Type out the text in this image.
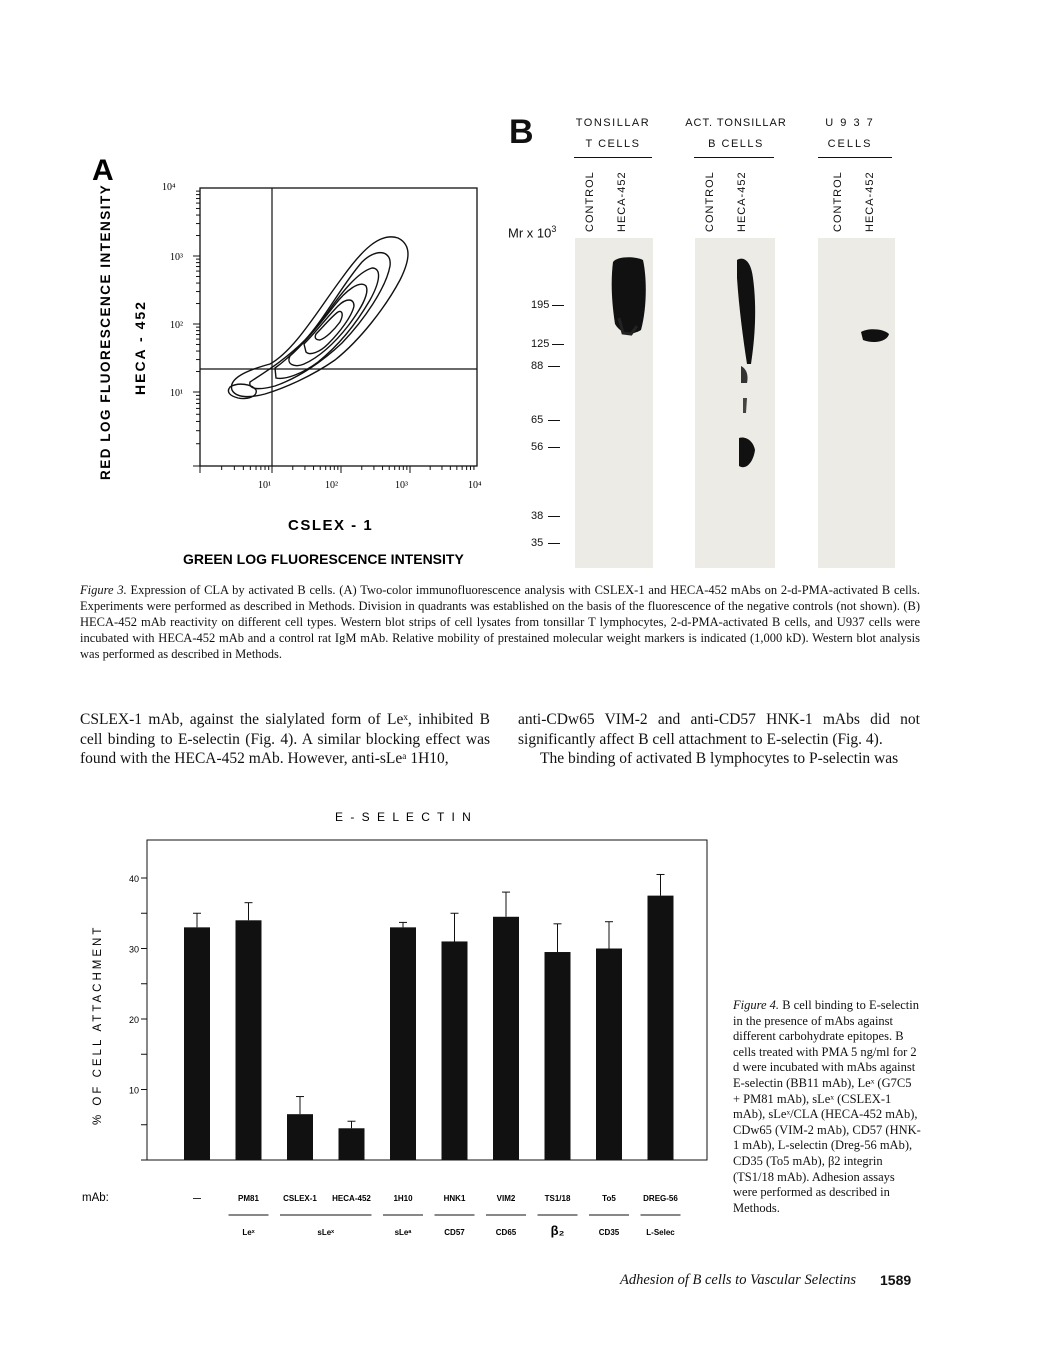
A
RED LOG FLUORESCENCE INTENSITY HECA - 452
10⁴
10³
10²
10¹
10¹	10²	10³	10⁴
CSLEX - 1
GREEN LOG FLUORESCENCE INTENSITY
B	TONSILLAR
T CELLS
ACT. TONSILLAR
B CELLS
U 9 3 7
CELLS
CONTROL HECA-452	CONTROL HECA-452	CONTROL HECA-452
Mr x $10^3$
195
125
88
65
56
38
35
Figure 3. Expression of CLA by activated B cells. (A) Two-color immunofluorescence analysis with CSLEX-1 and HECA-452 mAbs on 2-d-PMA-activated B cells. Experiments were performed as described in Methods. Division in quadrants was established on the basis of the fluorescence of the negative controls (not shown). (B) HECA-452 mAb reactivity on different cell types. Western blot strips of cell lysates from tonsillar T lymphocytes, 2-d-PMA-activated B cells, and U937 cells were incubated with HECA-452 mAb and a control rat IgM mAb. Relative mobility of prestained molecular weight markers is indicated (1,000 kD). Western blot analysis was performed as described in Methods.
CSLEX-1 mAb, against the sialylated form of Leˣ, inhibited B cell binding to E-selectin (Fig. 4). A similar blocking effect was found with the HECA-452 mAb. However, anti-sLeᵃ 1H10,
anti-CDw65 VIM-2 and anti-CD57 HNK-1 mAbs did not significantly affect B cell attachment to E-selectin (Fig. 4).
The binding of activated B lymphocytes to P-selectin was
E - S E L E C T I N
% OF CELL ATTACHMENT
mAb:
10
20
30
40
—	PM81	CSLEX-1 HECA-452	1H10	HNK1	VIM2	TS1/18	To5	DREG-56
Leˣ	sLeˣ	sLeᵃ	CD57	CD65	β₂	CD35	L-Selec
Figure 4. B cell binding to E-selectin in the presence of mAbs against different carbohydrate epitopes. B cells treated with PMA 5 ng/ml for 2 d were incubated with mAbs against E-selectin (BB11 mAb), Leˣ (G7C5 + PM81 mAb), sLeˣ (CSLEX-1 mAb), sLeˣ/CLA (HECA-452 mAb), CDw65 (VIM-2 mAb), CD57 (HNK-1 mAb), L-selectin (Dreg-56 mAb), CD35 (To5 mAb), β2 integrin (TS1/18 mAb). Adhesion assays were performed as described in Methods.
Adhesion of B cells to Vascular Selectins 1589
